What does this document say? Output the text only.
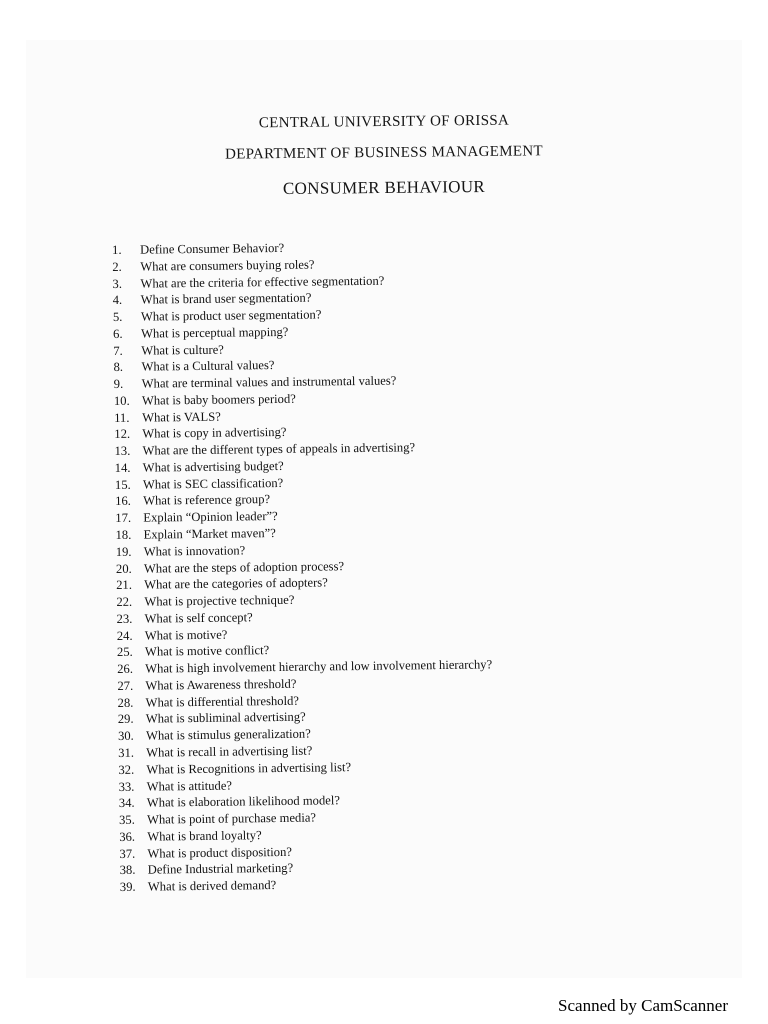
CENTRAL UNIVERSITY OF ORISSA
DEPARTMENT OF BUSINESS MANAGEMENT
CONSUMER BEHAVIOUR
1.	Define Consumer Behavior?
2.	What are consumers buying roles?
3.	What are the criteria for effective segmentation?
4.	What is brand user segmentation?
5.	What is product user segmentation?
6.	What is perceptual mapping?
7.	What is culture?
8.	What is a Cultural values?
9.	What are terminal values and instrumental values?
10. What is baby boomers period?
11. What is VALS?
12. What is copy in advertising?
13. What are the different types of appeals in advertising?
14. What is advertising budget?
15. What is SEC classification?
16. What is reference group?
17. Explain “Opinion leader”?
18. Explain “Market maven”?
19. What is innovation?
20. What are the steps of adoption process?
21. What are the categories of adopters?
22. What is projective technique?
23. What is self concept?
24. What is motive?
25. What is motive conflict?
26. What is high involvement hierarchy and low involvement hierarchy?
27. What is Awareness threshold?
28. What is differential threshold?
29. What is subliminal advertising?
30. What is stimulus generalization?
31. What is recall in advertising list?
32. What is Recognitions in advertising list?
33. What is attitude?
34. What is elaboration likelihood model?
35. What is point of purchase media?
36. What is brand loyalty?
37. What is product disposition?
38. Define Industrial marketing?
39. What is derived demand?

Scanned by CamScanner
